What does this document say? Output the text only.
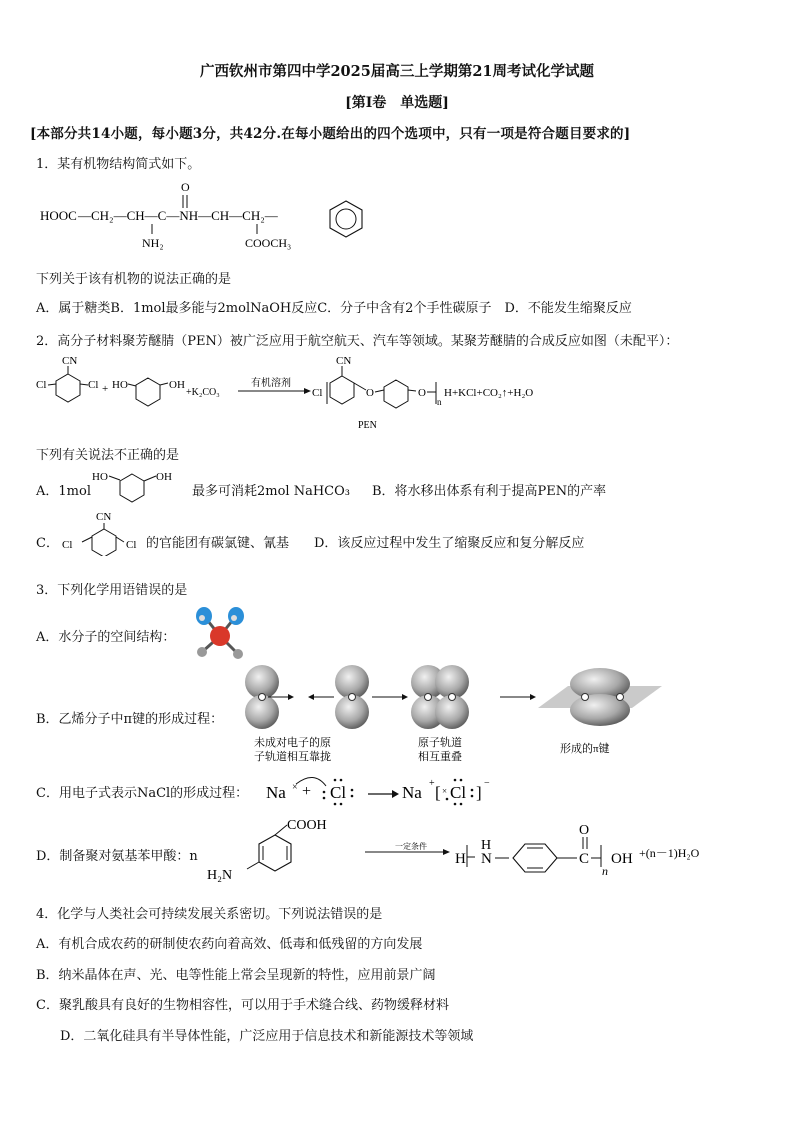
广西钦州市第四中学2025届高三上学期第21周考试化学试题
[第Ⅰ卷　单选题]
[本部分共14小题，每小题3分，共42分.在每小题给出的四个选项中，只有一项是符合题目要求的]
1．某有机物结构简式如下。
HOOC —CH₂—CH—C—NH—CH—CH₂—
O
NH₂	COOCH₃
下列关于该有机物的说法正确的是
A．属于糖类B．1mol最多能与2molNaOH反应C．分子中含有2个手性碳原子　D．不能发生缩聚反应
2．高分子材料聚芳醚腈（PEN）被广泛应用于航空航天、汽车等领域。某聚芳醚腈的合成反应如图（未配平）：
Cl
CN
Cl + HO	OH
+K₂CO₃
有机溶剂
Cl
CN
O	O
n
H+KCl+CO₂↑+H₂O
PEN
下列有关说法不正确的是
A．1mol
HO	OH
最多可消耗2mol NaHCO₃ B．将水移出体系有利于提高PEN的产率
C．
CN
Cl	Cl 的官能团有碳氯键、氰基 D．该反应过程中发生了缩聚反应和复分解反应
3．下列化学用语错误的是
A．水分子的空间结构：
B．乙烯分子中π键的形成过程：
未成对电子的原
子轨道相互靠拢
原子轨道
相互重叠
形成的π键
C．用电子式表示NaCl的形成过程： Na × + Cl	Na + [ × Cl ] −
D．制备聚对氨基苯甲酸：n
COOH
H₂N
一定条件
H
H
N	C
O
n
OH +(n－1)H₂O
4．化学与人类社会可持续发展关系密切。下列说法错误的是
A．有机合成农药的研制使农药向着高效、低毒和低残留的方向发展
B．纳米晶体在声、光、电等性能上常会呈现新的特性，应用前景广阔
C．聚乳酸具有良好的生物相容性，可以用于手术缝合线、药物缓释材料
D．二氧化硅具有半导体性能，广泛应用于信息技术和新能源技术等领域
